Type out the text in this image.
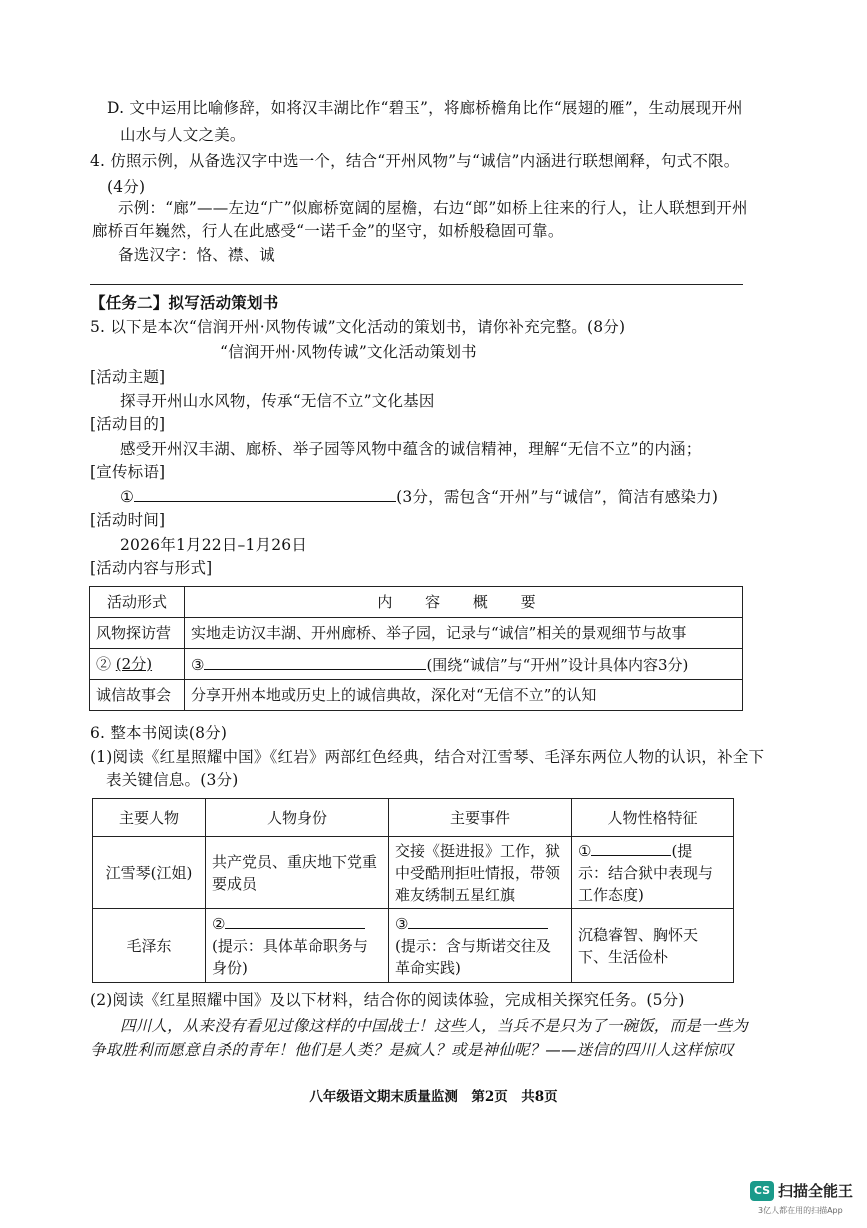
D. 文中运用比喻修辞，如将汉丰湖比作“碧玉”，将廊桥檐角比作“展翅的雁”，生动展现开州
山水与人文之美。
4. 仿照示例，从备选汉字中选一个，结合“开州风物”与“诚信”内涵进行联想阐释，句式不限。
(4分)
示例：“廊”——左边“广”似廊桥宽阔的屋檐，右边“郎”如桥上往来的行人，让人联想到开州
廊桥百年巍然，行人在此感受“一诺千金”的坚守，如桥般稳固可靠。
备选汉字：恪、襟、诚
【任务二】拟写活动策划书
5. 以下是本次“信润开州·风物传诚”文化活动的策划书，请你补充完整。(8分)
“信润开州·风物传诚”文化活动策划书
[活动主题]
探寻开州山水风物，传承“无信不立”文化基因
[活动目的]
感受开州汉丰湖、廊桥、举子园等风物中蕴含的诚信精神，理解“无信不立”的内涵；
[宣传标语]
①	(3分，需包含“开州”与“诚信”，简洁有感染力)
[活动时间]
2026年1月22日–1月26日
[活动内容与形式]
活动形式	内 容 概 要
风物探访营	实地走访汉丰湖、开州廊桥、举子园，记录与“诚信”相关的景观细节与故事
② (2分)	③ (围绕“诚信”与“开州”设计具体内容3分)
诚信故事会	分享开州本地或历史上的诚信典故，深化对“无信不立”的认知
6. 整本书阅读(8分)
(1)阅读《红星照耀中国》《红岩》两部红色经典，结合对江雪琴、毛泽东两位人物的认识，补全下
表关键信息。(3分)
主要人物	人物身份	主要事件	人物性格特征
江雪琴(江姐)	共产党员、重庆地下党重要成员	交接《挺进报》工作，狱中受酷刑拒吐情报，带领难友绣制五星红旗	① (提
示：结合狱中表现与工作态度)
毛泽东	②
(提示：具体革命职务与身份)	③
(提示：含与斯诺交往及革命实践)	沉稳睿智、胸怀天下、生活俭朴
(2)阅读《红星照耀中国》及以下材料，结合你的阅读体验，完成相关探究任务。(5分)
四川人，从来没有看见过像这样的中国战士！这些人，当兵不是只为了一碗饭，而是一些为
争取胜利而愿意自杀的青年！他们是人类？是疯人？或是神仙呢？——迷信的四川人这样惊叹
八年级语文期末质量监测　第2页　共8页
CS 扫描全能王
3亿人都在用的扫描App
